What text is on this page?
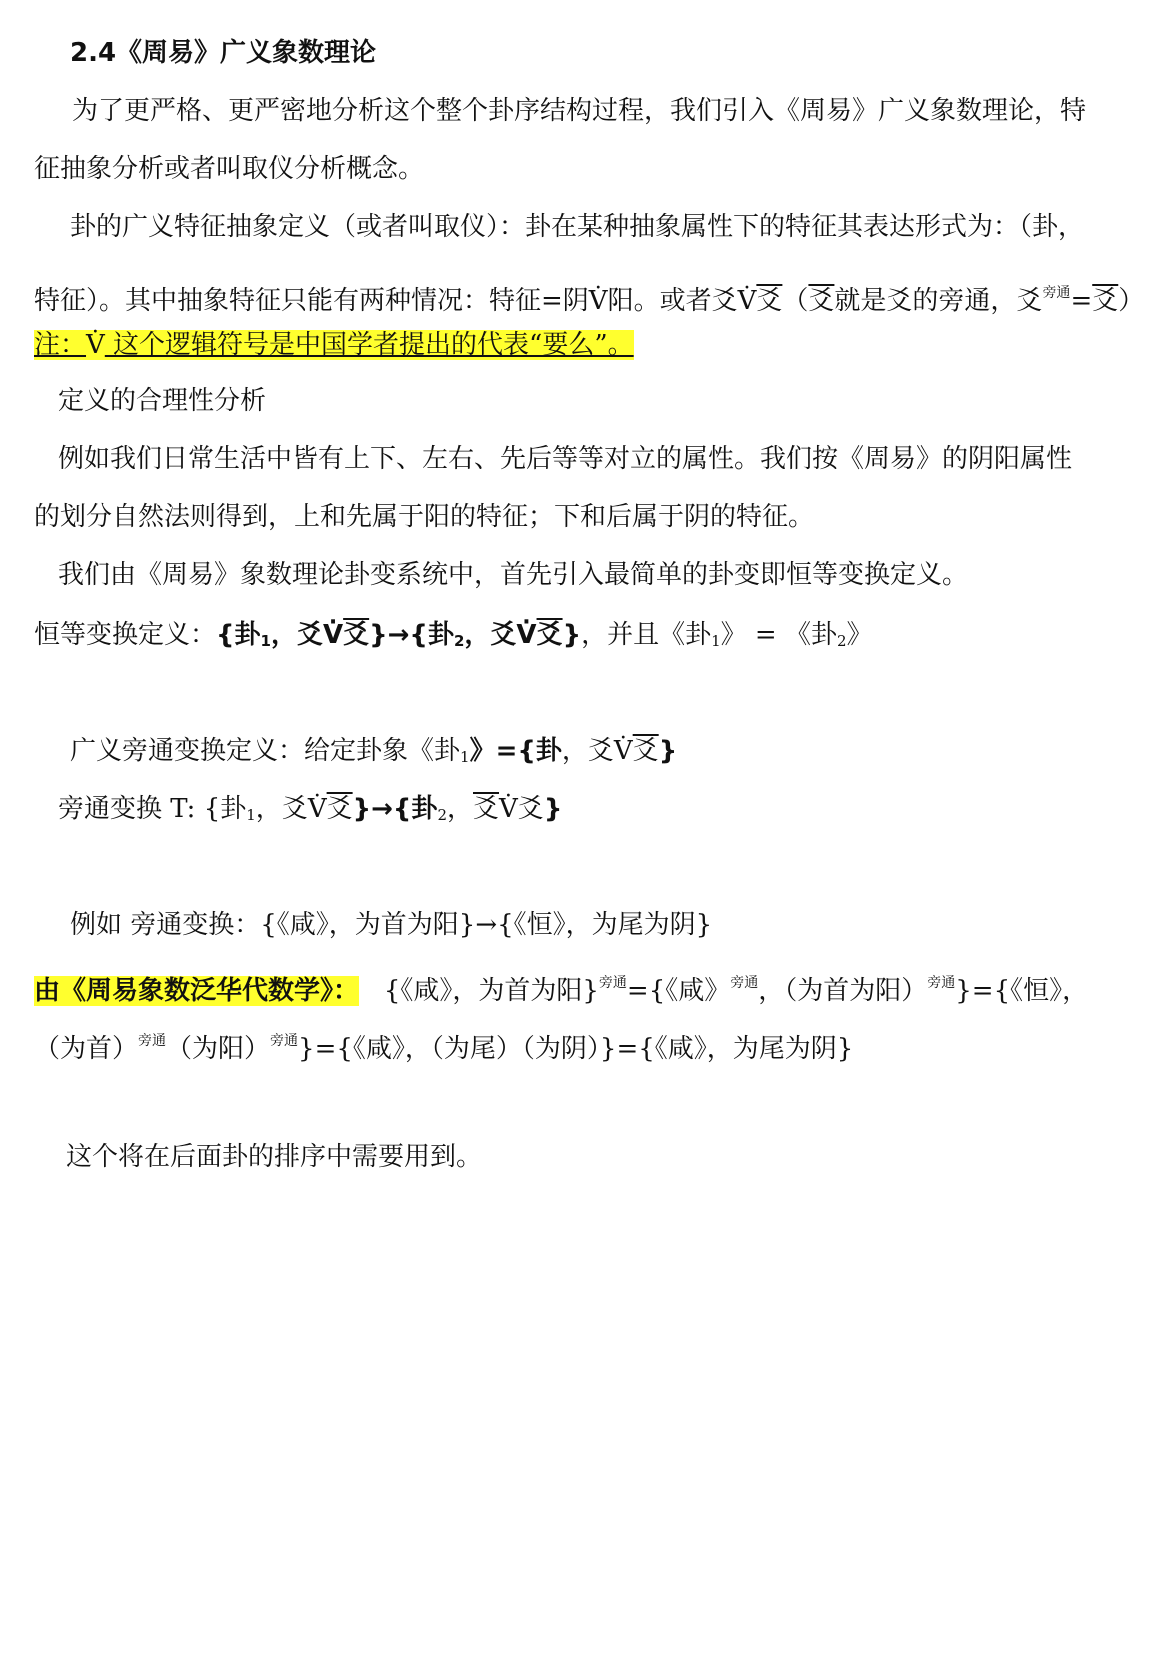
2.4《周易》广义象数理论
为了更严格、更严密地分析这个整个卦序结构过程，我们引入《周易》广义象数理论，特
征抽象分析或者叫取仪分析概念。
卦的广义特征抽象定义（或者叫取仪）：卦在某种抽象属性下的特征其表达形式为：（卦，
特征）。其中抽象特征只能有两种情况：特征=阴· V阳。或者爻· V爻（爻就是爻的旁通，爻$^{旁通}$=爻）
注：· V 这个逻辑符号是中国学者提出的代表“要么”。
定义的合理性分析
例如我们日常生活中皆有上下、左右、先后等等对立的属性。我们按《周易》的阴阳属性
的划分自然法则得到，上和先属于阳的特征；下和后属于阴的特征。
我们由《周易》象数理论卦变系统中，首先引入最简单的卦变即恒等变换定义。
恒等变换定义：{卦$_1$，爻· V爻}→{卦$_2$，爻· V爻}，并且《卦$_1$》 = 《卦$_2$》
广义旁通变换定义：给定卦象《卦$_1$》={卦，爻· V爻}
旁通变换 T: {卦$_1$，爻· V爻}→{卦$_2$，爻· V爻}
例如 旁通变换：{《咸》，为首为阳}→{《恒》，为尾为阴}
由《周易象数泛华代数学》： {《咸》，为首为阳}$^{旁通}$={《咸》$^{旁通}$，（为首为阳）$^{旁通}$}={《恒》，
（为首）$^{旁通}$（为阳）$^{旁通}$}={《咸》，（为尾）（为阴）}={《咸》，为尾为阴}
这个将在后面卦的排序中需要用到。
